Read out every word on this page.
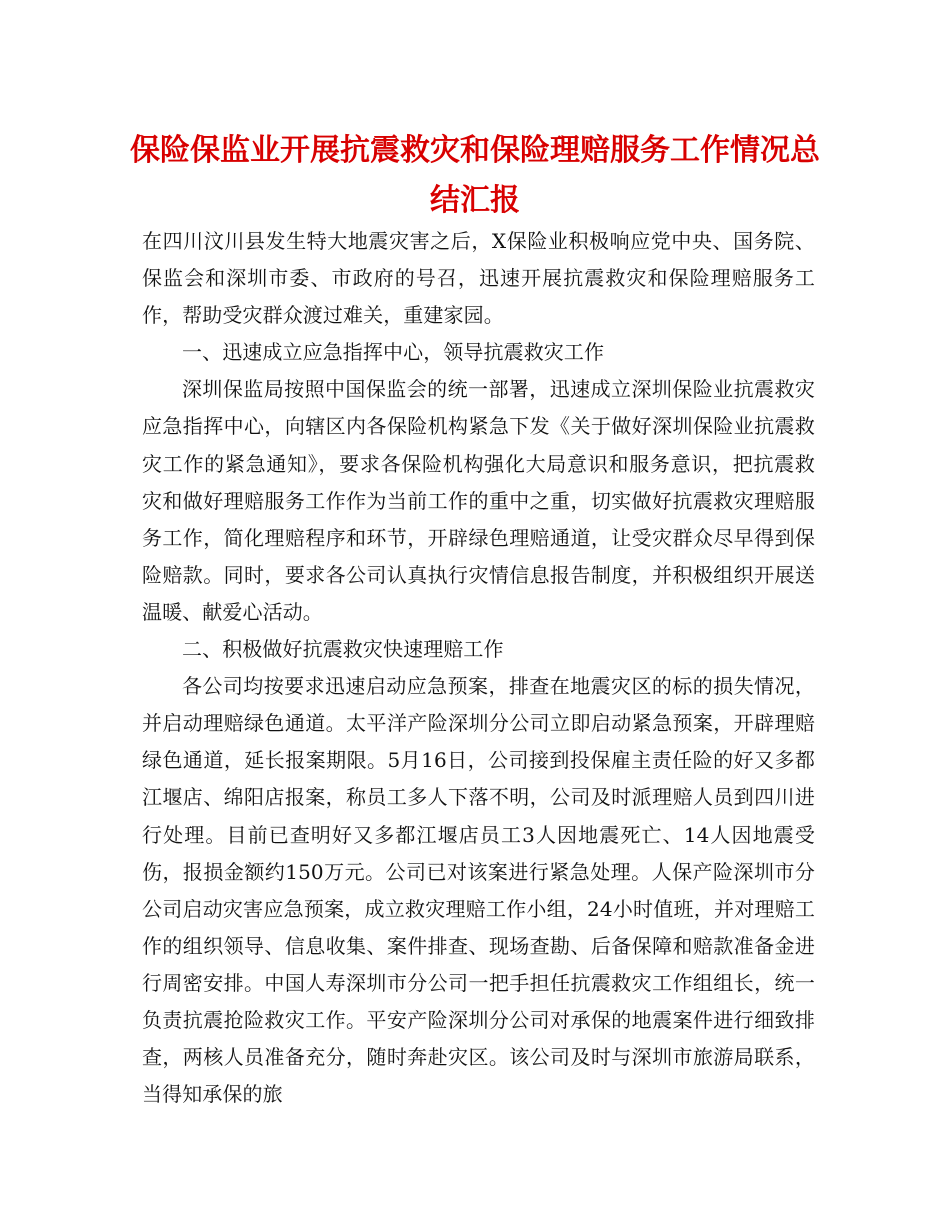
保险保监业开展抗震救灾和保险理赔服务工作情况总结汇报

在四川汶川县发生特大地震灾害之后，X保险业积极响应党中央、国务院、保监会和深圳市委、市政府的号召，迅速开展抗震救灾和保险理赔服务工作，帮助受灾群众渡过难关，重建家园。

一、迅速成立应急指挥中心，领导抗震救灾工作

深圳保监局按照中国保监会的统一部署，迅速成立深圳保险业抗震救灾应急指挥中心，向辖区内各保险机构紧急下发《关于做好深圳保险业抗震救灾工作的紧急通知》，要求各保险机构强化大局意识和服务意识，把抗震救灾和做好理赔服务工作作为当前工作的重中之重，切实做好抗震救灾理赔服务工作，简化理赔程序和环节，开辟绿色理赔通道，让受灾群众尽早得到保险赔款。同时，要求各公司认真执行灾情信息报告制度，并积极组织开展送温暖、献爱心活动。

二、积极做好抗震救灾快速理赔工作

各公司均按要求迅速启动应急预案，排查在地震灾区的标的损失情况，并启动理赔绿色通道。太平洋产险深圳分公司立即启动紧急预案，开辟理赔绿色通道，延长报案期限。5月16日，公司接到投保雇主责任险的好又多都江堰店、绵阳店报案，称员工多人下落不明，公司及时派理赔人员到四川进行处理。目前已查明好又多都江堰店员工3人因地震死亡、14人因地震受伤，报损金额约150万元。公司已对该案进行紧急处理。人保产险深圳市分公司启动灾害应急预案，成立救灾理赔工作小组，24小时值班，并对理赔工作的组织领导、信息收集、案件排查、现场查勘、后备保障和赔款准备金进行周密安排。中国人寿深圳市分公司一把手担任抗震救灾工作组组长，统一负责抗震抢险救灾工作。平安产险深圳分公司对承保的地震案件进行细致排查，两核人员准备充分，随时奔赴灾区。该公司及时与深圳市旅游局联系，当得知承保的旅
